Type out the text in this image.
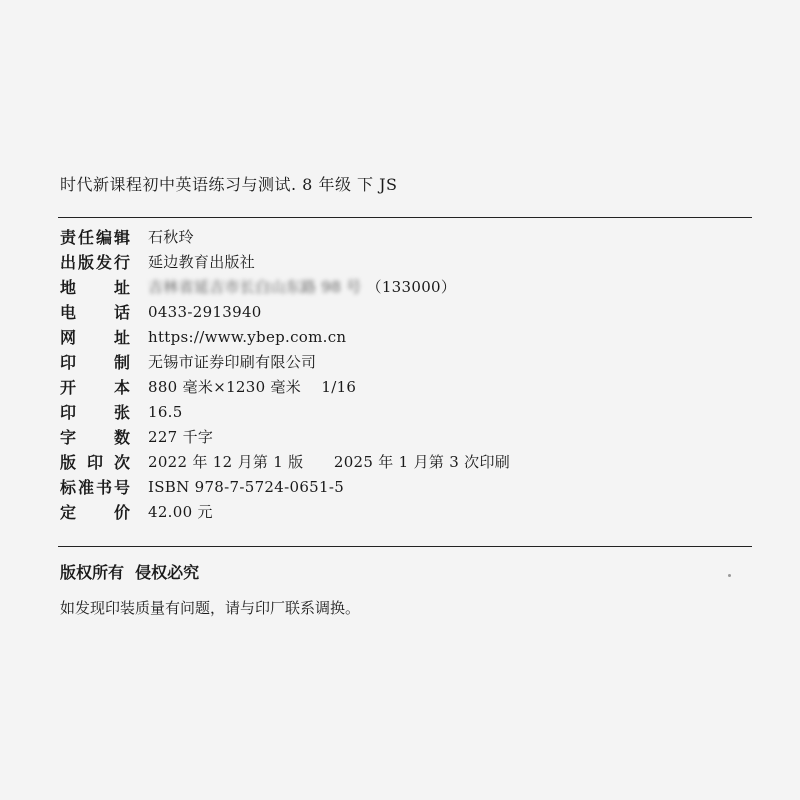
时代新课程初中英语练习与测试. 8 年级 下 JS
责 任 编 辑 石秋玲
出 版 发 行 延边教育出版社
地 址 吉林省延吉市长白山东路 98 号 （133000）
电 话 0433-2913940
网 址 https://www.ybep.com.cn
印 制 无锡市证券印刷有限公司
开 本 880 毫米×1230 毫米    1/16
印 张 16.5
字 数 227 千字
版 印 次 2022 年 12 月第 1 版      2025 年 1 月第 3 次印刷
标 准 书 号 ISBN 978-7-5724-0651-5
定 价 42.00 元
版权所有  侵权必究
如发现印装质量有问题，请与印厂联系调换。
